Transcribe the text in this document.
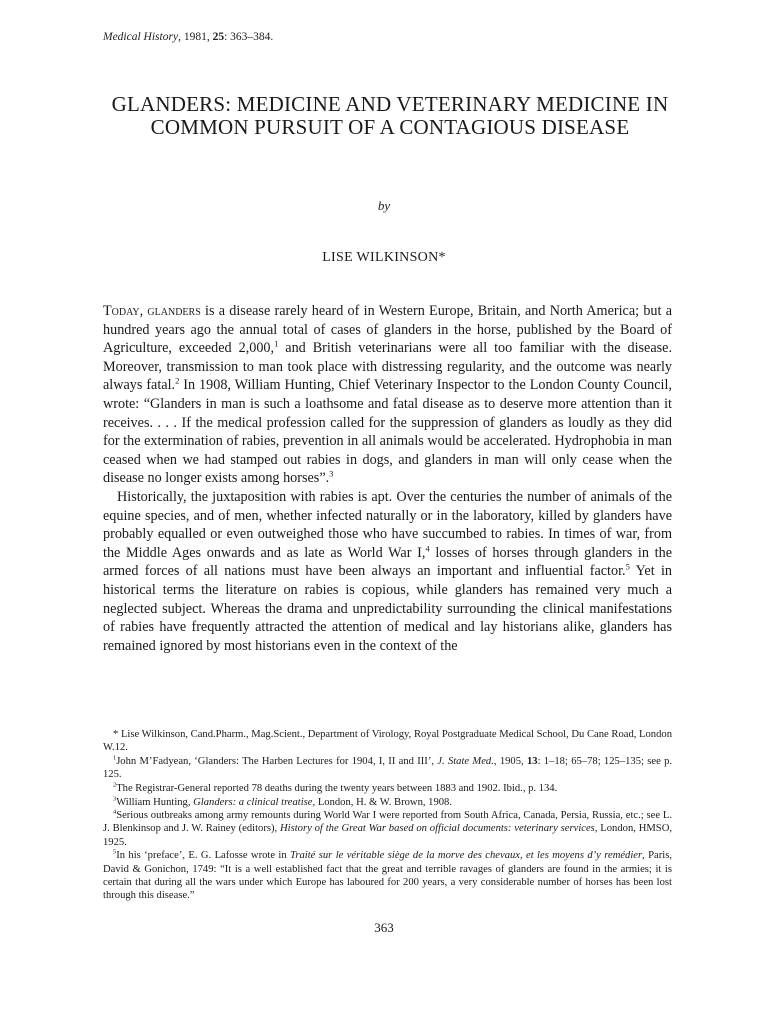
Medical History, 1981, 25: 363–384.
GLANDERS: MEDICINE AND VETERINARY MEDICINE IN COMMON PURSUIT OF A CONTAGIOUS DISEASE
by
LISE WILKINSON*

Today, glanders is a disease rarely heard of in Western Europe, Britain, and North America; but a hundred years ago the annual total of cases of glanders in the horse, published by the Board of Agriculture, exceeded 2,000,$^1$ and British veterinarians were all too familiar with the disease. Moreover, transmission to man took place with distressing regularity, and the outcome was nearly always fatal.$^2$ In 1908, William Hunting, Chief Veterinary Inspector to the London County Council, wrote: “Glanders in man is such a loathsome and fatal disease as to deserve more attention than it receives. . . . If the medical profession called for the suppression of glanders as loudly as they did for the extermination of rabies, prevention in all animals would be accelerated. Hydrophobia in man ceased when we had stamped out rabies in dogs, and glanders in man will only cease when the disease no longer exists among horses”.$^3$

Historically, the juxtaposition with rabies is apt. Over the centuries the number of animals of the equine species, and of men, whether infected naturally or in the laboratory, killed by glanders have probably equalled or even outweighed those who have succumbed to rabies. In times of war, from the Middle Ages onwards and as late as World War I,$^4$ losses of horses through glanders in the armed forces of all nations must have been always an important and influential factor.$^5$ Yet in historical terms the literature on rabies is copious, while glanders has remained very much a neglected subject. Whereas the drama and unpredictability surrounding the clinical manifestations of rabies have frequently attracted the attention of medical and lay historians alike, glanders has remained ignored by most historians even in the context of the

* Lise Wilkinson, Cand.Pharm., Mag.Scient., Department of Virology, Royal Postgraduate Medical School, Du Cane Road, London W.12.

$^1$John M’Fadyean, ‘Glanders: The Harben Lectures for 1904, I, II and III’, J. State Med., 1905, 13: 1–18; 65–78; 125–135; see p. 125.

$^2$The Registrar-General reported 78 deaths during the twenty years between 1883 and 1902. Ibid., p. 134.

$^3$William Hunting, Glanders: a clinical treatise, London, H. & W. Brown, 1908.

$^4$Serious outbreaks among army remounts during World War I were reported from South Africa, Canada, Persia, Russia, etc.; see L. J. Blenkinsop and J. W. Rainey (editors), History of the Great War based on official documents: veterinary services, London, HMSO, 1925.

$^5$In his ‘preface’, E. G. Lafosse wrote in Traité sur le véritable siège de la morve des chevaux, et les moyens d’y remédier, Paris, David & Gonichon, 1749: “It is a well established fact that the great and terrible ravages of glanders are found in the armies; it is certain that during all the wars under which Europe has laboured for 200 years, a very considerable number of horses has been lost through this disease.”

363
